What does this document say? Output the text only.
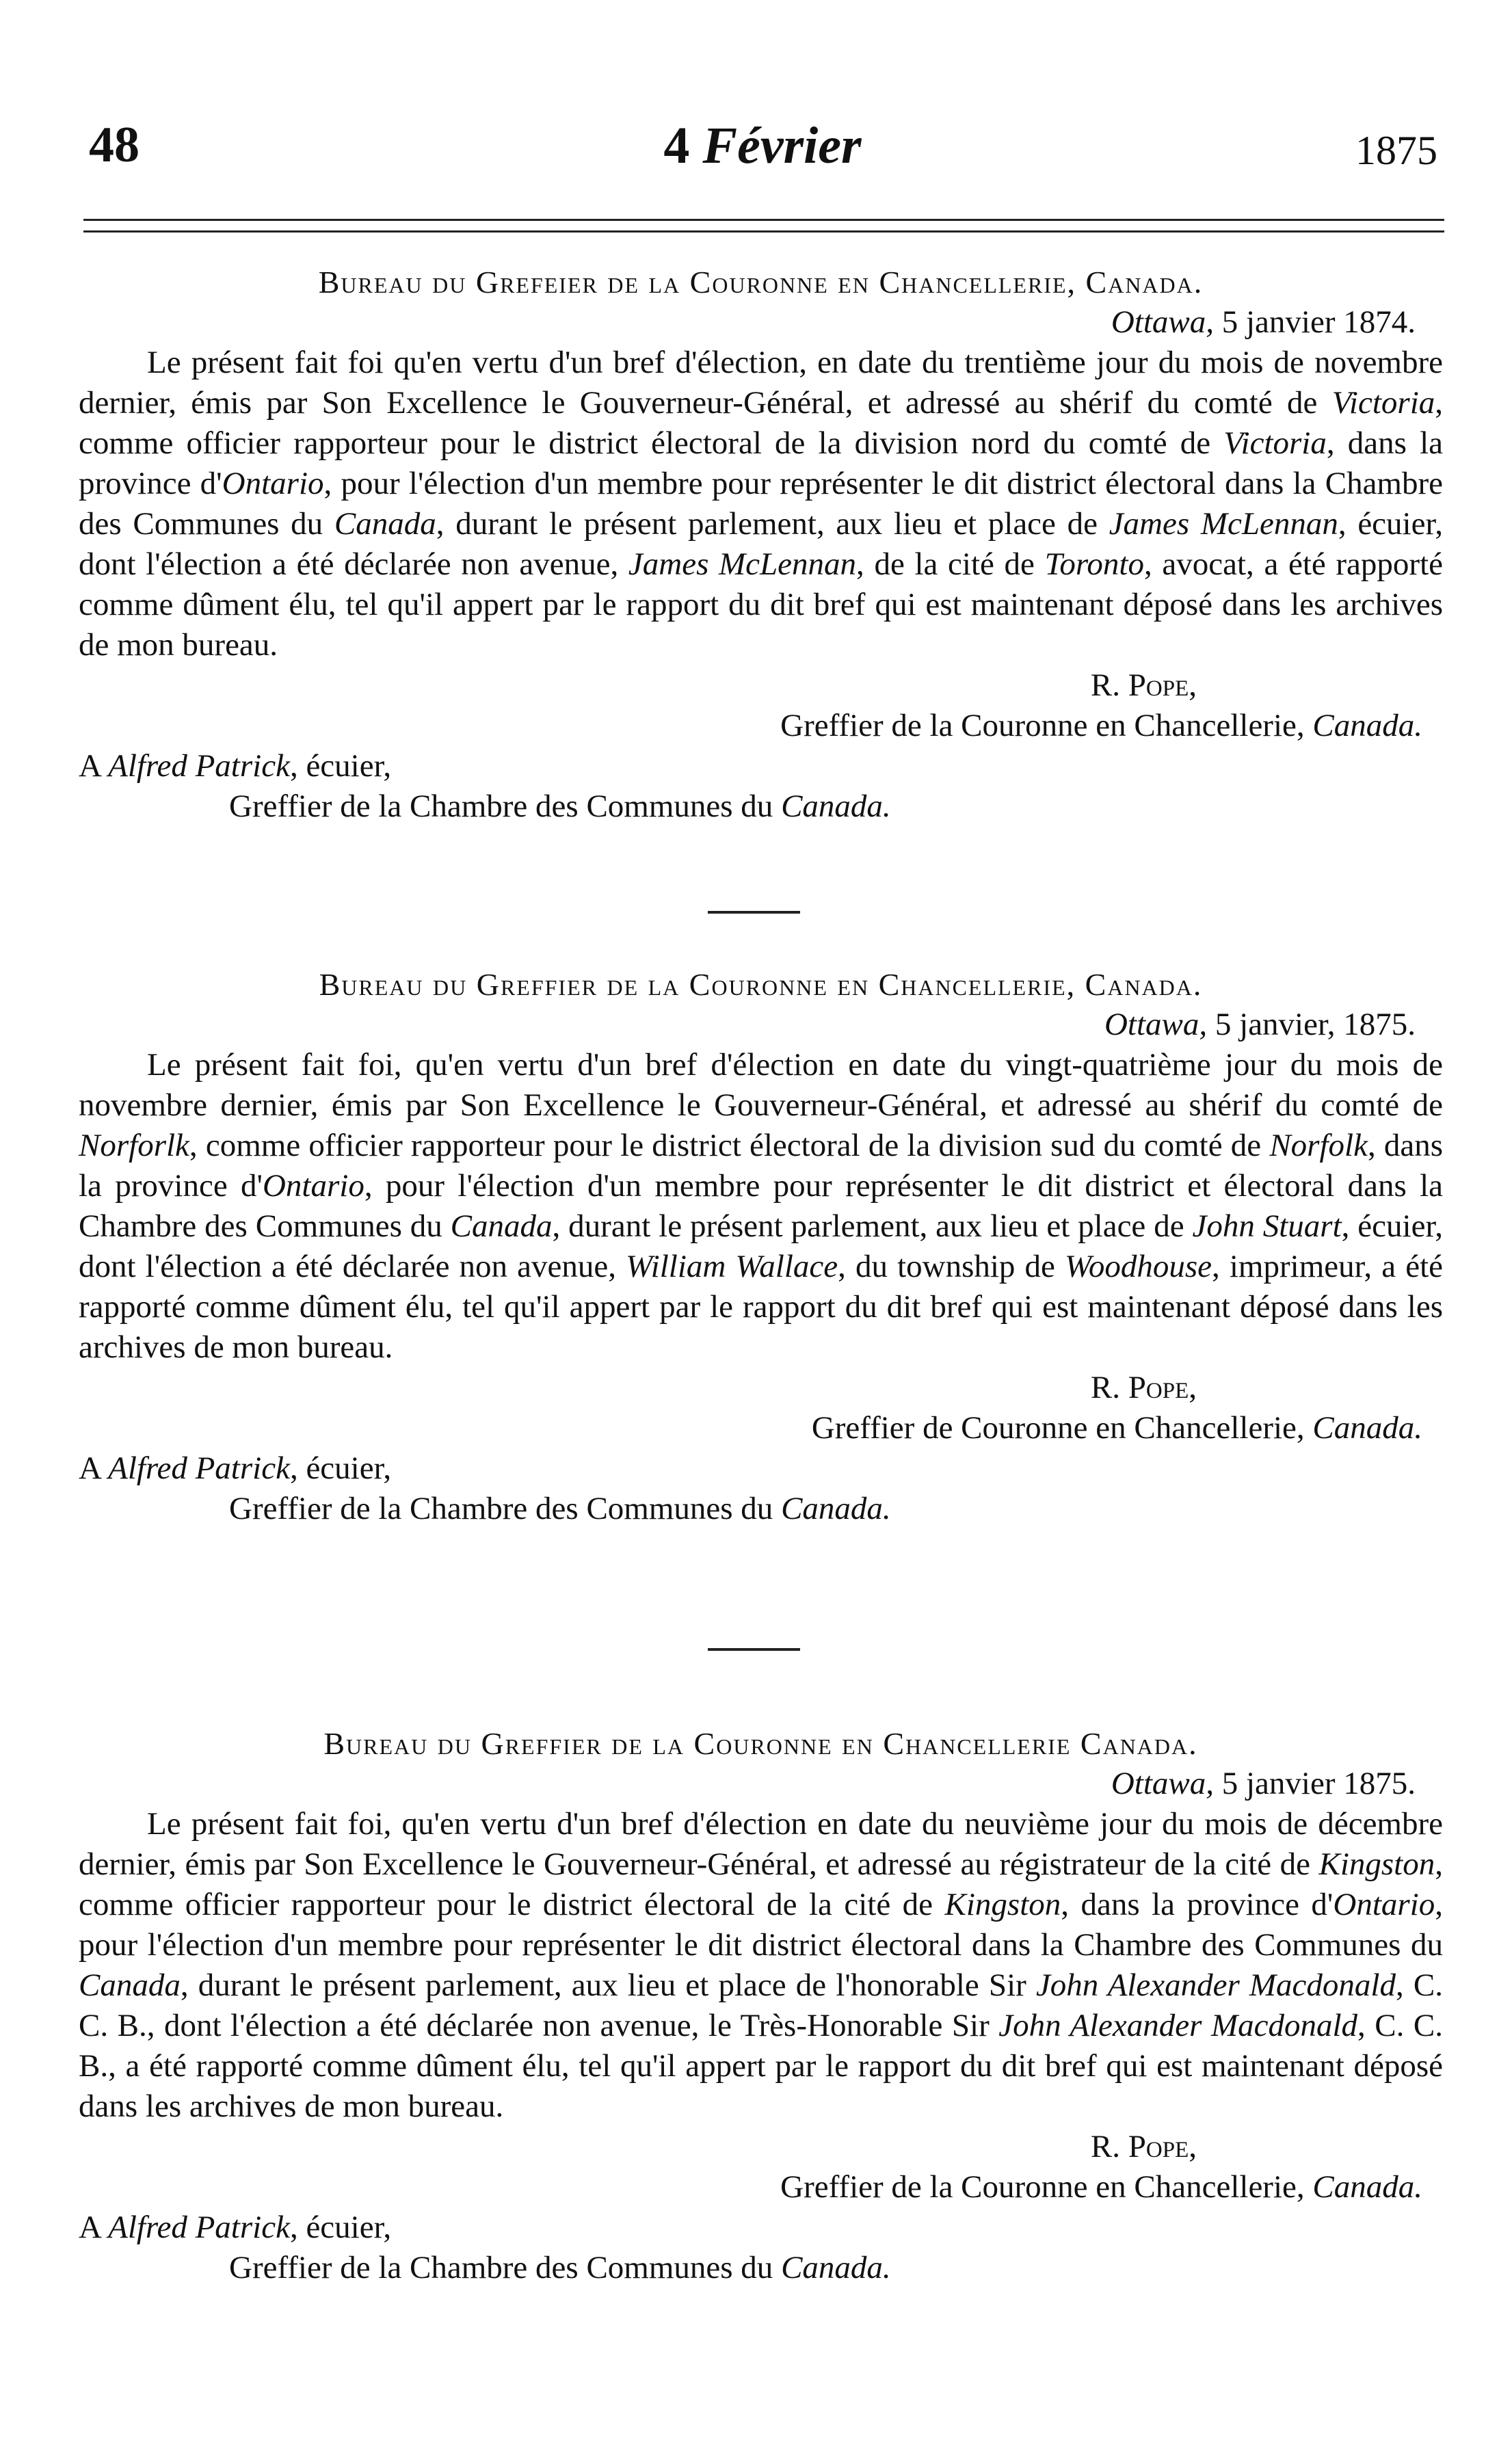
48	4 Février	1875

Bureau du Grefeier de la Couronne en Chancellerie, Canada.

Ottawa, 5 janvier 1874.

Le présent fait foi qu'en vertu d'un bref d'élection, en date du trentième jour du mois de novembre dernier, émis par Son Excellence le Gouverneur-Général, et adressé au shérif du comté de Victoria, comme officier rapporteur pour le district électoral de la division nord du comté de Victoria, dans la province d'Ontario, pour l'élection d'un membre pour représenter le dit district électoral dans la Chambre des Communes du Canada, durant le présent parlement, aux lieu et place de James McLennan, écuier, dont l'élection a été déclarée non avenue, James McLennan, de la cité de Toronto, avocat, a été rapporté comme dûment élu, tel qu'il appert par le rapport du dit bref qui est maintenant déposé dans les archives de mon bureau.

R. Pope,

Greffier de la Couronne en Chancellerie, Canada.

A Alfred Patrick, écuier,

Greffier de la Chambre des Communes du Canada.

Bureau du Greffier de la Couronne en Chancellerie, Canada.

Ottawa, 5 janvier, 1875.

Le présent fait foi, qu'en vertu d'un bref d'élection en date du vingt-quatrième jour du mois de novembre dernier, émis par Son Excellence le Gouverneur-Général, et adressé au shérif du comté de Norforlk, comme officier rapporteur pour le district électoral de la division sud du comté de Norfolk, dans la province d'Ontario, pour l'élection d'un membre pour représenter le dit district et électoral dans la Chambre des Communes du Canada, durant le présent parlement, aux lieu et place de John Stuart, écuier, dont l'élection a été déclarée non avenue, William Wallace, du township de Woodhouse, imprimeur, a été rapporté comme dûment élu, tel qu'il appert par le rapport du dit bref qui est maintenant déposé dans les archives de mon bureau.

R. Pope,

Greffier de Couronne en Chancellerie, Canada.

A Alfred Patrick, écuier,

Greffier de la Chambre des Communes du Canada.

Bureau du Greffier de la Couronne en Chancellerie Canada.

Ottawa, 5 janvier 1875.

Le présent fait foi, qu'en vertu d'un bref d'élection en date du neuvième jour du mois de décembre dernier, émis par Son Excellence le Gouverneur-Général, et adressé au régistrateur de la cité de Kingston, comme officier rapporteur pour le district électoral de la cité de Kingston, dans la province d'Ontario, pour l'élection d'un membre pour représenter le dit district électoral dans la Chambre des Communes du Canada, durant le présent parlement, aux lieu et place de l'honorable Sir John Alexander Macdonald, C. C. B., dont l'élection a été déclarée non avenue, le Très-Honorable Sir John Alexander Macdonald, C. C. B., a été rapporté comme dûment élu, tel qu'il appert par le rapport du dit bref qui est maintenant déposé dans les archives de mon bureau.

R. Pope,

Greffier de la Couronne en Chancellerie, Canada.

A Alfred Patrick, écuier,

Greffier de la Chambre des Communes du Canada.
